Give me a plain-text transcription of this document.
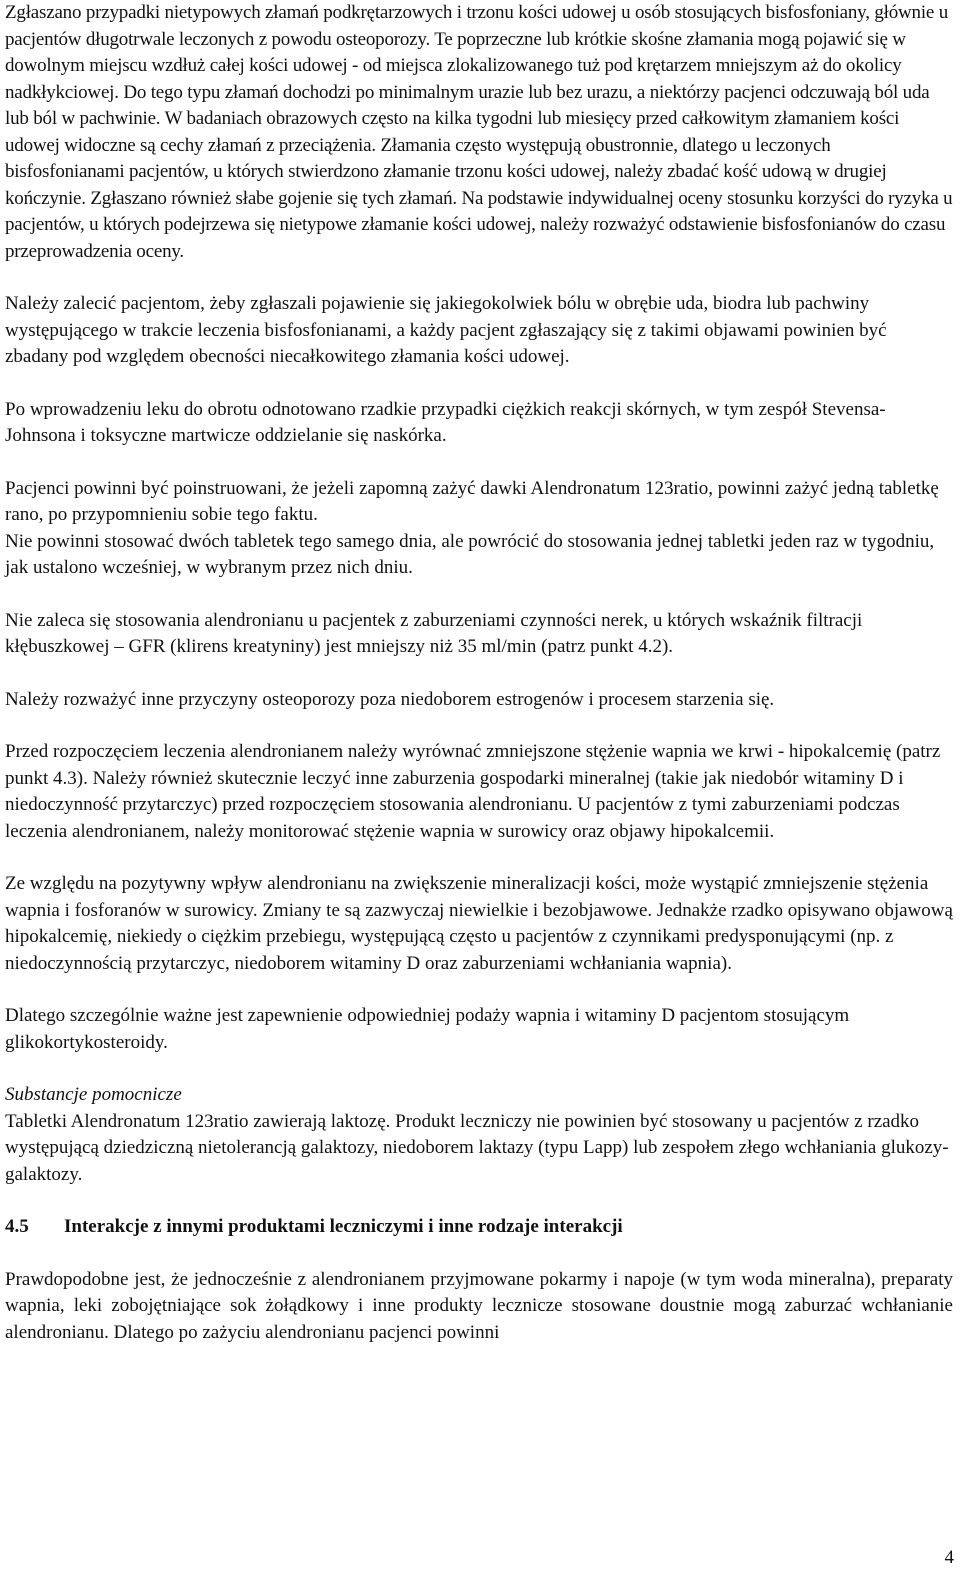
Zgłaszano przypadki nietypowych złamań podkrętarzowych i trzonu kości udowej u osób stosujących bisfosfoniany, głównie u pacjentów długotrwale leczonych z powodu osteoporozy. Te poprzeczne lub krótkie skośne złamania mogą pojawić się w dowolnym miejscu wzdłuż całej kości udowej - od miejsca zlokalizowanego tuż pod krętarzem mniejszym aż do okolicy nadkłykciowej. Do tego typu złamań dochodzi po minimalnym urazie lub bez urazu, a niektórzy pacjenci odczuwają ból uda lub ból w pachwinie. W badaniach obrazowych często na kilka tygodni lub miesięcy przed całkowitym złamaniem kości udowej widoczne są cechy złamań z przeciążenia. Złamania często występują obustronnie, dlatego u leczonych bisfosfonianami pacjentów, u których stwierdzono złamanie trzonu kości udowej, należy zbadać kość udową w drugiej kończynie. Zgłaszano również słabe gojenie się tych złamań. Na podstawie indywidualnej oceny stosunku korzyści do ryzyka u pacjentów, u których podejrzewa się nietypowe złamanie kości udowej, należy rozważyć odstawienie bisfosfonianów do czasu przeprowadzenia oceny.

Należy zalecić pacjentom, żeby zgłaszali pojawienie się jakiegokolwiek bólu w obrębie uda, biodra lub pachwiny występującego w trakcie leczenia bisfosfonianami, a każdy pacjent zgłaszający się z takimi objawami powinien być zbadany pod względem obecności niecałkowitego złamania kości udowej.

Po wprowadzeniu leku do obrotu odnotowano rzadkie przypadki ciężkich reakcji skórnych, w tym zespół Stevensa-Johnsona i toksyczne martwicze oddzielanie się naskórka.

Pacjenci powinni być poinstruowani, że jeżeli zapomną zażyć dawki Alendronatum 123ratio, powinni zażyć jedną tabletkę rano, po przypomnieniu sobie tego faktu.

Nie powinni stosować dwóch tabletek tego samego dnia, ale powrócić do stosowania jednej tabletki jeden raz w tygodniu, jak ustalono wcześniej, w wybranym przez nich dniu.

Nie zaleca się stosowania alendronianu u pacjentek z zaburzeniami czynności nerek, u których wskaźnik filtracji kłębuszkowej – GFR (klirens kreatyniny) jest mniejszy niż 35 ml/min (patrz punkt 4.2).

Należy rozważyć inne przyczyny osteoporozy poza niedoborem estrogenów i procesem starzenia się.

Przed rozpoczęciem leczenia alendronianem należy wyrównać zmniejszone stężenie wapnia we krwi - hipokalcemię (patrz punkt 4.3). Należy również skutecznie leczyć inne zaburzenia gospodarki mineralnej (takie jak niedobór witaminy D i niedoczynność przytarczyc) przed rozpoczęciem stosowania alendronianu. U pacjentów z tymi zaburzeniami podczas leczenia alendronianem, należy monitorować stężenie wapnia w surowicy oraz objawy hipokalcemii.

Ze względu na pozytywny wpływ alendronianu na zwiększenie mineralizacji kości, może wystąpić zmniejszenie stężenia wapnia i fosforanów w surowicy. Zmiany te są zazwyczaj niewielkie i bezobjawowe. Jednakże rzadko opisywano objawową hipokalcemię, niekiedy o ciężkim przebiegu, występującą często u pacjentów z czynnikami predysponującymi (np. z niedoczynnością przytarczyc, niedoborem witaminy D oraz zaburzeniami wchłaniania wapnia).

Dlatego szczególnie ważne jest zapewnienie odpowiedniej podaży wapnia i witaminy D pacjentom stosującym glikokortykosteroidy.

Substancje pomocnicze

Tabletki Alendronatum 123ratio zawierają laktozę. Produkt leczniczy nie powinien być stosowany u pacjentów z rzadko występującą dziedziczną nietolerancją galaktozy, niedoborem laktazy (typu Lapp) lub zespołem złego wchłaniania glukozy-galaktozy.

4.5 Interakcje z innymi produktami leczniczymi i inne rodzaje interakcji

Prawdopodobne jest, że jednocześnie z alendronianem przyjmowane pokarmy i napoje (w tym woda mineralna), preparaty wapnia, leki zobojętniające sok żołądkowy i inne produkty lecznicze stosowane doustnie mogą zaburzać wchłanianie alendronianu. Dlatego po zażyciu alendronianu pacjenci powinni

4
